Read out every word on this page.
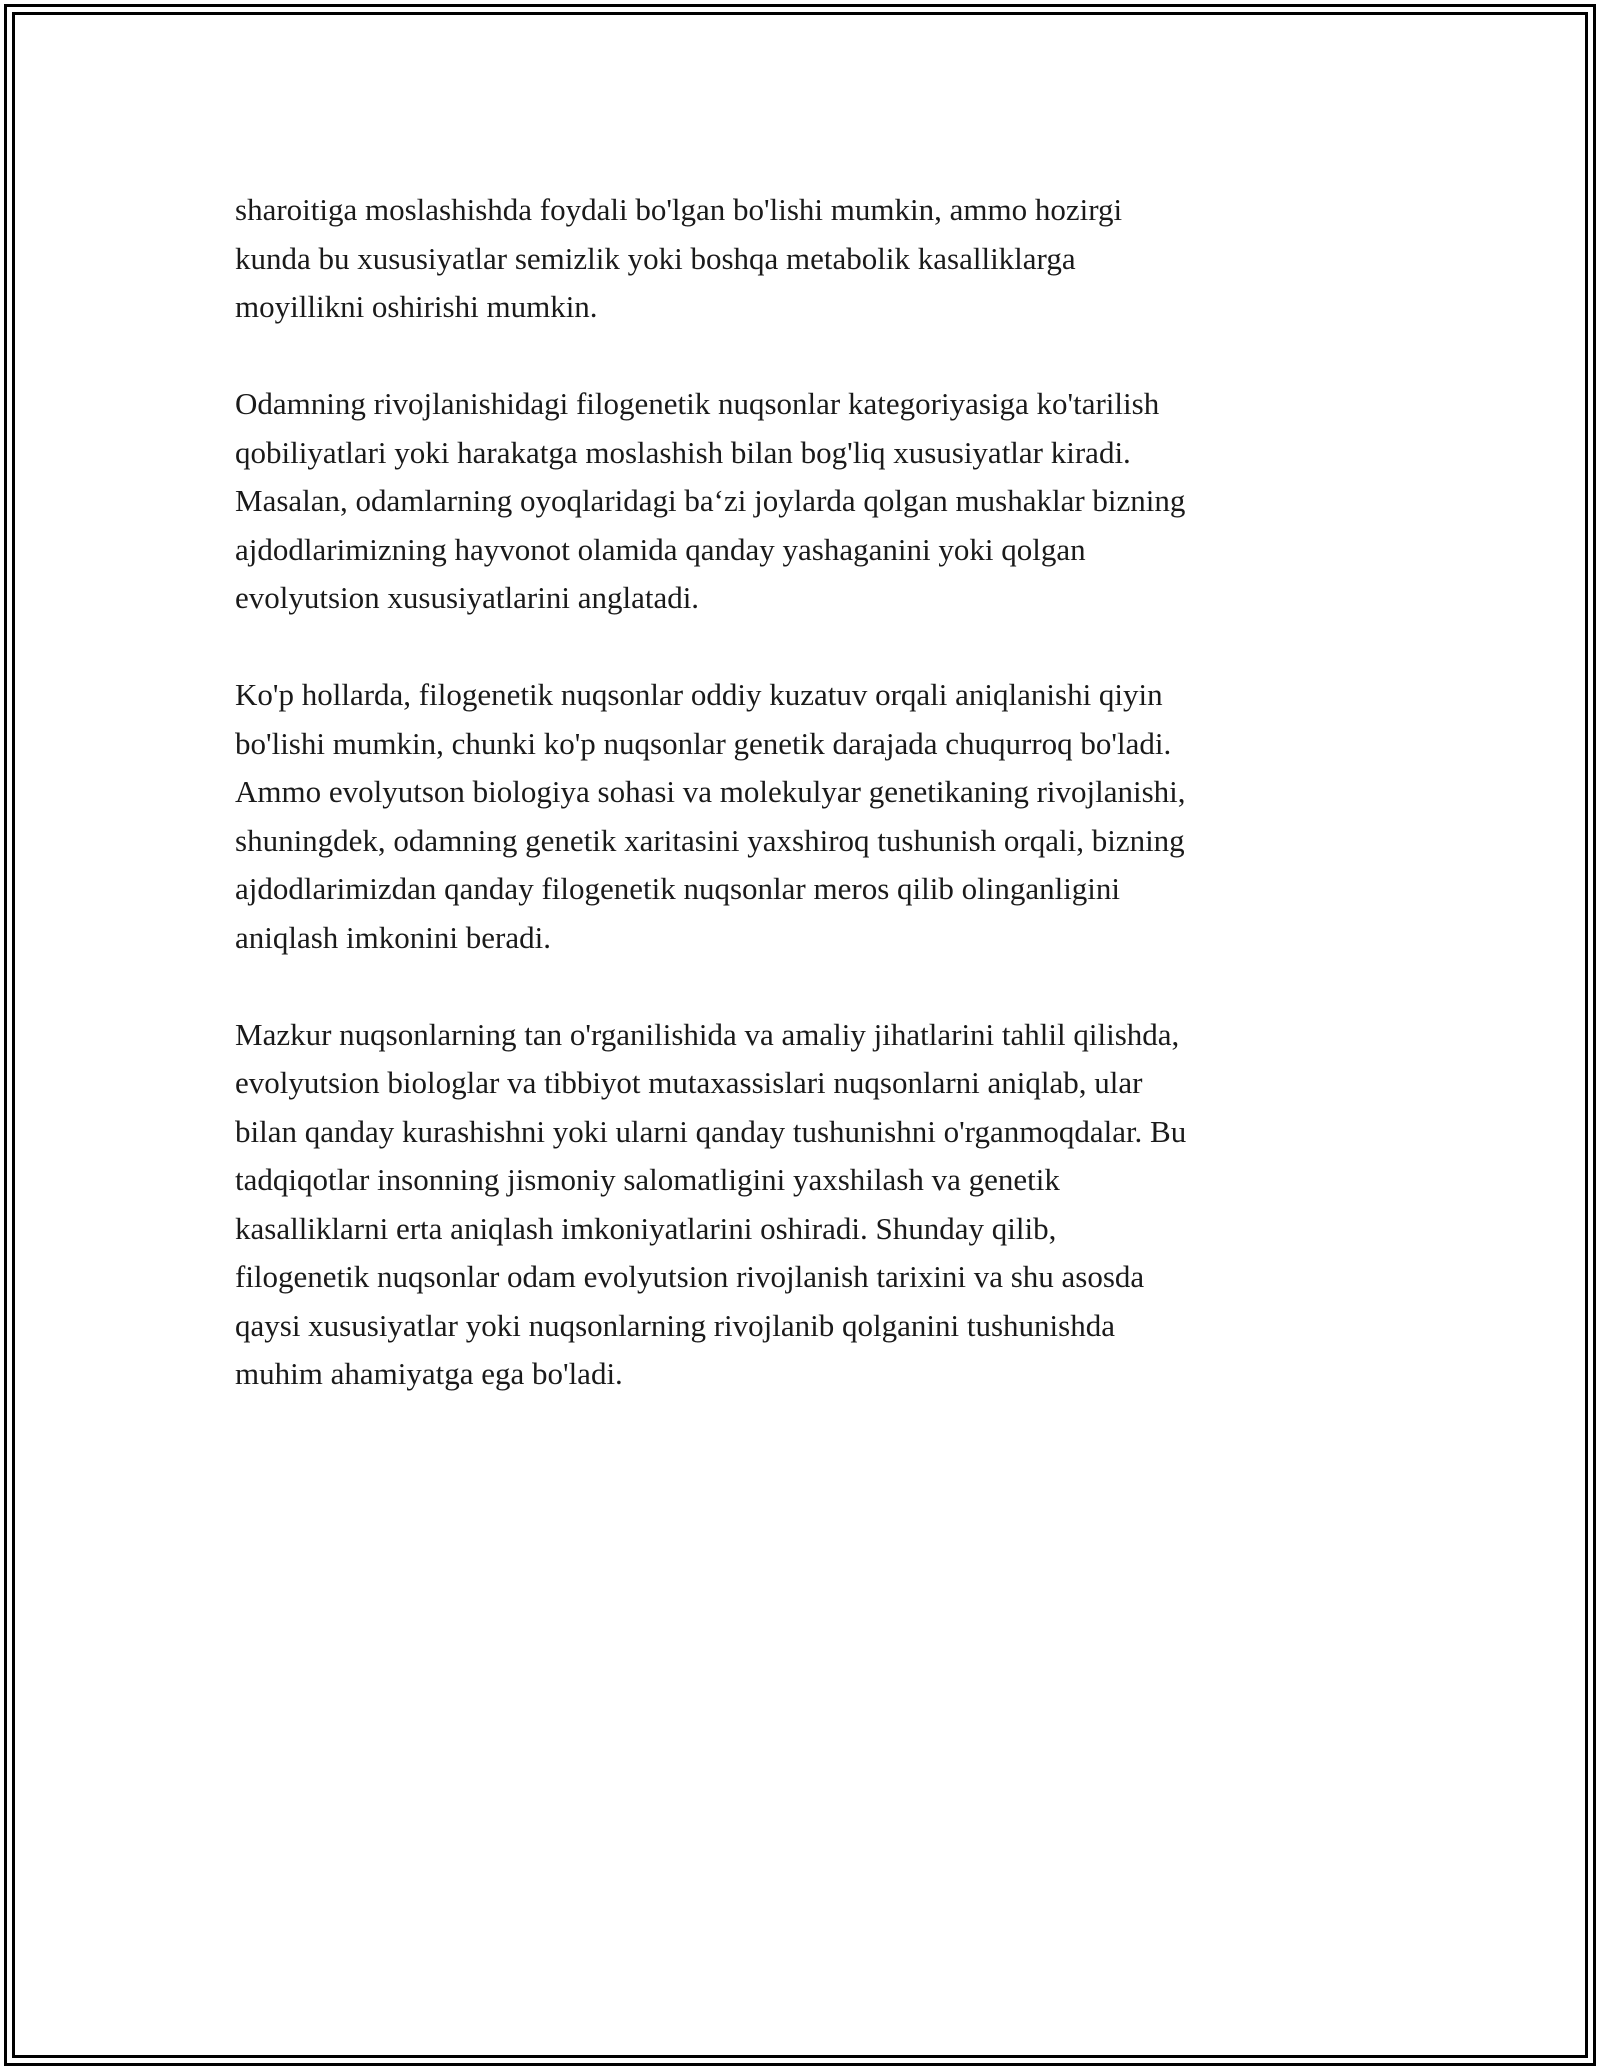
sharoitiga moslashishda foydali bo'lgan bo'lishi mumkin, ammo hozirgi
kunda bu xususiyatlar semizlik yoki boshqa metabolik kasalliklarga
moyillikni oshirishi mumkin.

Odamning rivojlanishidagi filogenetik nuqsonlar kategoriyasiga ko'tarilish
qobiliyatlari yoki harakatga moslashish bilan bog'liq xususiyatlar kiradi.
Masalan, odamlarning oyoqlaridagi baʻzi joylarda qolgan mushaklar bizning
ajdodlarimizning hayvonot olamida qanday yashaganini yoki qolgan
evolyutsion xususiyatlarini anglatadi.

Ko'p hollarda, filogenetik nuqsonlar oddiy kuzatuv orqali aniqlanishi qiyin
bo'lishi mumkin, chunki ko'p nuqsonlar genetik darajada chuqurroq bo'ladi.
Ammo evolyutson biologiya sohasi va molekulyar genetikaning rivojlanishi,
shuningdek, odamning genetik xaritasini yaxshiroq tushunish orqali, bizning
ajdodlarimizdan qanday filogenetik nuqsonlar meros qilib olinganligini
aniqlash imkonini beradi.

Mazkur nuqsonlarning tan o'rganilishida va amaliy jihatlarini tahlil qilishda,
evolyutsion biologlar va tibbiyot mutaxassislari nuqsonlarni aniqlab, ular
bilan qanday kurashishni yoki ularni qanday tushunishni o'rganmoqdalar. Bu
tadqiqotlar insonning jismoniy salomatligini yaxshilash va genetik
kasalliklarni erta aniqlash imkoniyatlarini oshiradi. Shunday qilib,
filogenetik nuqsonlar odam evolyutsion rivojlanish tarixini va shu asosda
qaysi xususiyatlar yoki nuqsonlarning rivojlanib qolganini tushunishda
muhim ahamiyatga ega bo'ladi.
